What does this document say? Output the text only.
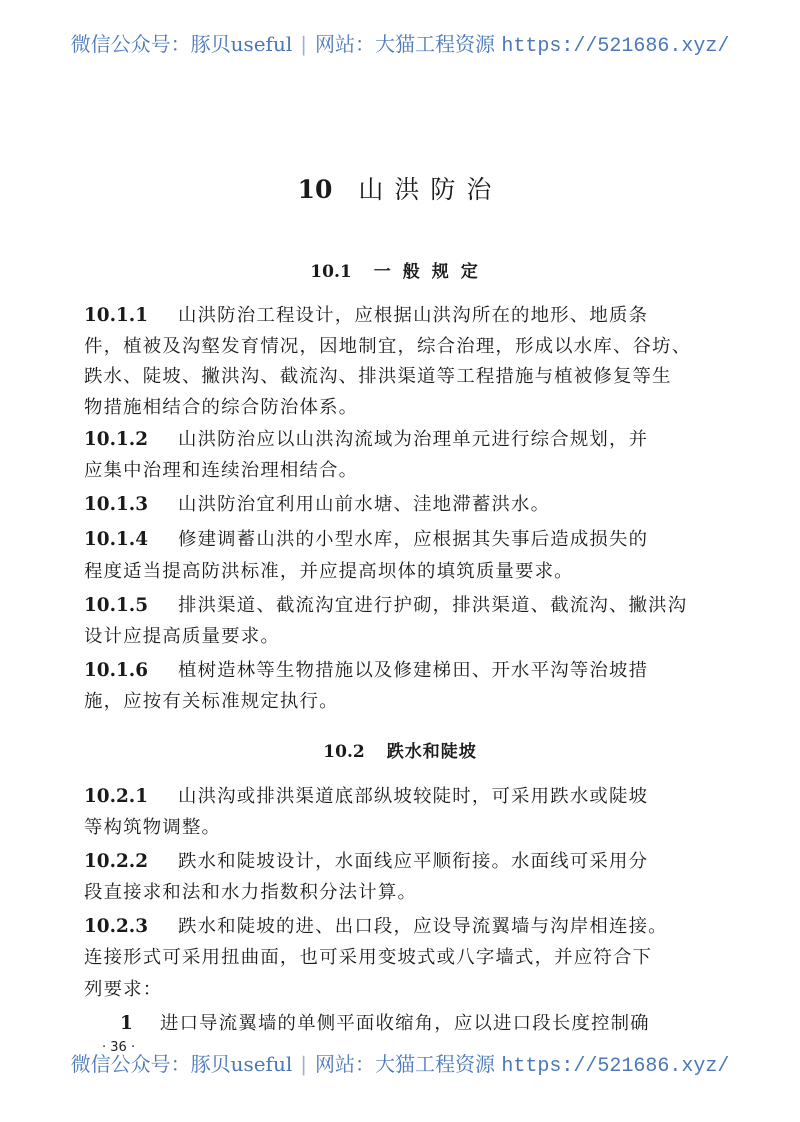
微信公众号：豚贝useful | 网站：大猫工程资源 https://521686.xyz/
10 山洪防治
10.1 一般规定
10.1.1 山洪防治工程设计，应根据山洪沟所在的地形、地质条
件，植被及沟壑发育情况，因地制宜，综合治理，形成以水库、谷坊、
跌水、陡坡、撇洪沟、截流沟、排洪渠道等工程措施与植被修复等生
物措施相结合的综合防治体系。
10.1.2 山洪防治应以山洪沟流域为治理单元进行综合规划，并
应集中治理和连续治理相结合。
10.1.3 山洪防治宜利用山前水塘、洼地滞蓄洪水。
10.1.4 修建调蓄山洪的小型水库，应根据其失事后造成损失的
程度适当提高防洪标准，并应提高坝体的填筑质量要求。
10.1.5 排洪渠道、截流沟宜进行护砌，排洪渠道、截流沟、撇洪沟
设计应提高质量要求。
10.1.6 植树造林等生物措施以及修建梯田、开水平沟等治坡措
施，应按有关标准规定执行。
10.2 跌水和陡坡
10.2.1 山洪沟或排洪渠道底部纵坡较陡时，可采用跌水或陡坡
等构筑物调整。
10.2.2 跌水和陡坡设计，水面线应平顺衔接。水面线可采用分
段直接求和法和水力指数积分法计算。
10.2.3 跌水和陡坡的进、出口段，应设导流翼墙与沟岸相连接。
连接形式可采用扭曲面，也可采用变坡式或八字墙式，并应符合下
列要求：
1 进口导流翼墙的单侧平面收缩角，应以进口段长度控制确
· 36 ·
微信公众号：豚贝useful | 网站：大猫工程资源 https://521686.xyz/
